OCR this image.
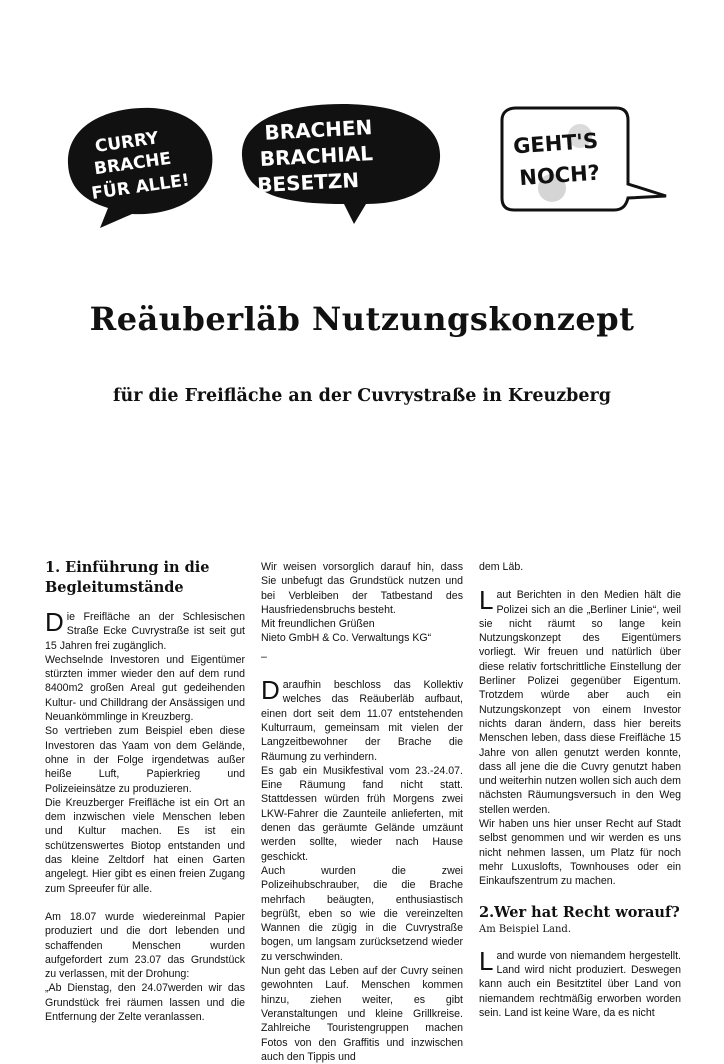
CURRY
BRACHE
FÜR ALLE!
BRACHEN
BRACHIAL
BESETZN
GEHT'S
NOCH?
Reäuberläb Nutzungskonzept
für die Freifläche an der Cuvrystraße in Kreuzberg
1. Einführung in die Begleitumstände

Die Freifläche an der Schlesischen Straße Ecke Cuvrystraße ist seit gut 15 Jahren frei zugänglich.

Wechselnde Investoren und Eigentümer stürzten immer wieder den auf dem rund 8400m2 großen Areal gut gedeihenden Kultur- und Chilldrang der Ansässigen und Neuankömmlinge in Kreuzberg.

So vertrieben zum Beispiel eben diese Investoren das Yaam von dem Gelände, ohne in der Folge irgendetwas außer heiße Luft, Papierkrieg und Polizeieinsätze zu produzieren.

Die Kreuzberger Freifläche ist ein Ort an dem inzwischen viele Menschen leben und Kultur machen. Es ist ein schützenswertes Biotop entstanden und das kleine Zeltdorf hat einen Garten angelegt. Hier gibt es einen freien Zugang zum Spreeufer für alle.

Am 18.07 wurde wiedereinmal Papier produziert und die dort lebenden und schaffenden Menschen wurden aufgefordert zum 23.07 das Grundstück zu verlassen, mit der Drohung:

„Ab Dienstag, den 24.07werden wir das Grundstück frei räumen lassen und die Entfernung der Zelte veranlassen.

Wir weisen vorsorglich darauf hin, dass Sie unbefugt das Grundstück nutzen und bei Verbleiben der Tatbestand des Hausfriedensbruchs besteht.

Mit freundlichen Grüßen

Nieto GmbH & Co. Verwaltungs KG“

–

Daraufhin beschloss das Kollektiv welches das Reäuberläb aufbaut, einen dort seit dem 11.07 entstehenden Kulturraum, gemeinsam mit vielen der Langzeitbewohner der Brache die Räumung zu verhindern.

Es gab ein Musikfestival vom 23.-24.07. Eine Räumung fand nicht statt. Stattdessen würden früh Morgens zwei LKW-Fahrer die Zaunteile anlieferten, mit denen das geräumte Gelände umzäunt werden sollte, wieder nach Hause geschickt.

Auch wurden die zwei Polizeihubschrauber, die die Brache mehrfach beäugten, enthusiastisch begrüßt, eben so wie die vereinzelten Wannen die zügig in die Cuvrystraße bogen, um langsam zurücksetzend wieder zu verschwinden.

Nun geht das Leben auf der Cuvry seinen gewohnten Lauf. Menschen kommen hinzu, ziehen weiter, es gibt Veranstaltungen und kleine Grillkreise. Zahlreiche Touristengruppen machen Fotos von den Graffitis und inzwischen auch den Tippis und

dem Läb.

Laut Berichten in den Medien hält die Polizei sich an die „Berliner Linie“, weil sie nicht räumt so lange kein Nutzungskonzept des Eigentümers vorliegt. Wir freuen und natürlich über diese relativ fortschrittliche Einstellung der Berliner Polizei gegenüber Eigentum. Trotzdem würde aber auch ein Nutzungskonzept von einem Investor nichts daran ändern, dass hier bereits Menschen leben, dass diese Freifläche 15 Jahre von allen genutzt werden konnte, dass all jene die die Cuvry genutzt haben und weiterhin nutzen wollen sich auch dem nächsten Räumungsversuch in den Weg stellen werden.

Wir haben uns hier unser Recht auf Stadt selbst genommen und wir werden es uns nicht nehmen lassen, um Platz für noch mehr Luxuslofts, Townhouses oder ein Einkaufszentrum zu machen.

2.Wer hat Recht worauf?
Am Beispiel Land.

Land wurde von niemandem hergestellt. Land wird nicht produziert. Deswegen kann auch ein Besitztitel über Land von niemandem rechtmäßig erworben worden sein. Land ist keine Ware, da es nicht
